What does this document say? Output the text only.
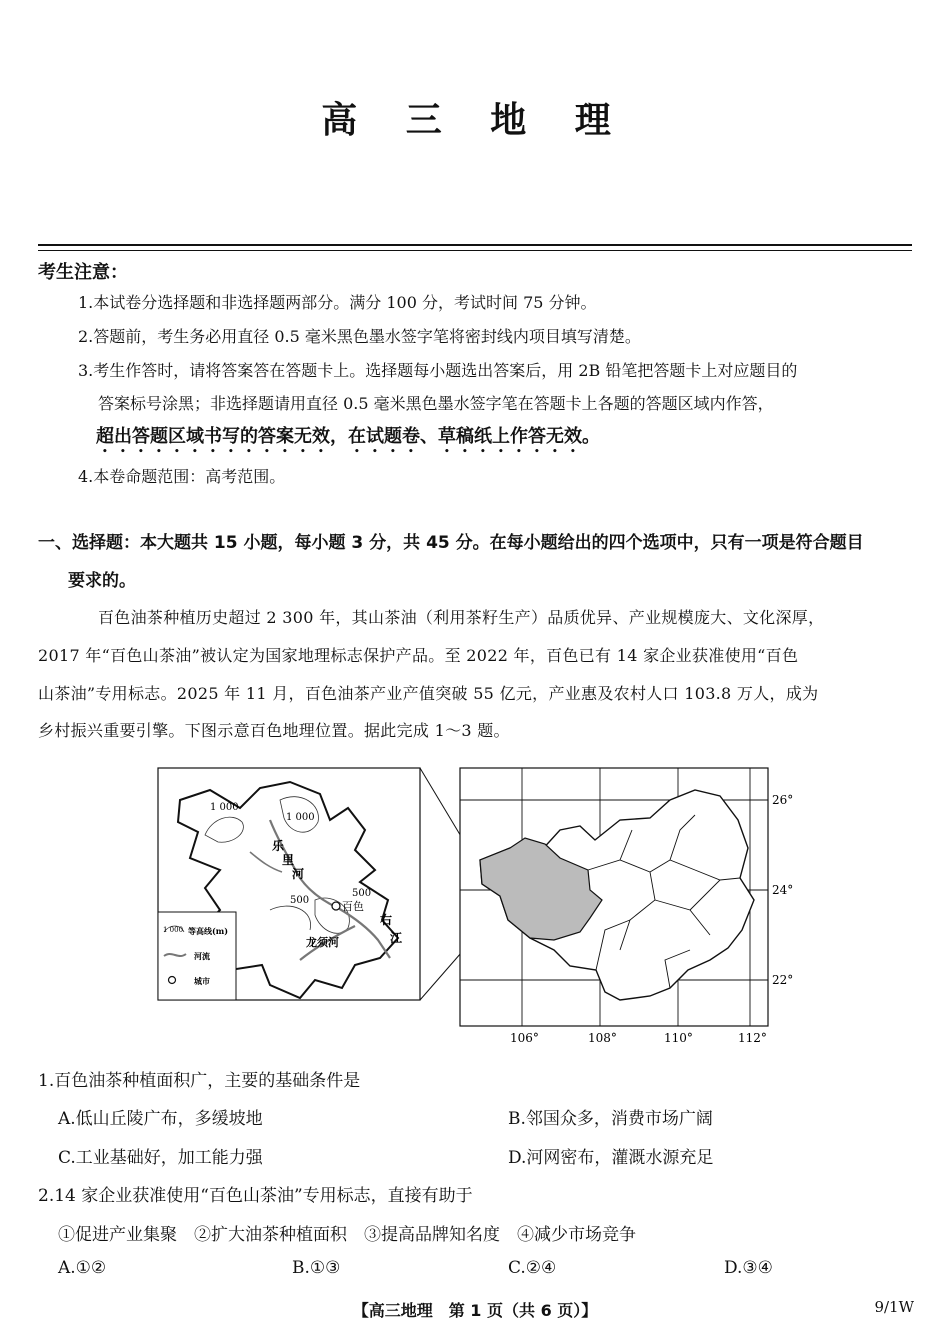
高 三 地 理
考生注意：
1.本试卷分选择题和非选择题两部分。满分 100 分，考试时间 75 分钟。
2.答题前，考生务必用直径 0.5 毫米黑色墨水签字笔将密封线内项目填写清楚。
3.考生作答时，请将答案答在答题卡上。选择题每小题选出答案后，用 2B 铅笔把答题卡上对应题目的
答案标号涂黑；非选择题请用直径 0.5 毫米黑色墨水签字笔在答题卡上各题的答题区域内作答，
超出答题区域书写的答案无效，在试题卷、草稿纸上作答无效。
4.本卷命题范围：高考范围。
一、选择题：本大题共 15 小题，每小题 3 分，共 45 分。在每小题给出的四个选项中，只有一项是符合题目
要求的。
百色油茶种植历史超过 2 300 年，其山茶油（利用茶籽生产）品质优异、产业规模庞大、文化深厚，
2017 年“百色山茶油”被认定为国家地理标志保护产品。至 2022 年，百色已有 14 家企业获准使用“百色
山茶油”专用标志。2025 年 11 月，百色油茶产业产值突破 55 亿元，产业惠及农村人口 103.8 万人，成为
乡村振兴重要引擎。下图示意百色地理位置。据此完成 1～3 题。
1 000
1 000
500
500
乐
里
河
百色
龙须河
右
江
1 000 等高线(m)
河流
城市
26°
24°
22°
106°	108°	110°	112°
1.百色油茶种植面积广，主要的基础条件是
A.低山丘陵广布，多缓坡地	B.邻国众多，消费市场广阔
C.工业基础好，加工能力强	D.河网密布，灌溉水源充足
2.14 家企业获准使用“百色山茶油”专用标志，直接有助于
①促进产业集聚　②扩大油茶种植面积　③提高品牌知名度　④减少市场竞争
A.①②	B.①③	C.②④	D.③④
【高三地理　第 1 页（共 6 页）】	9/1W
